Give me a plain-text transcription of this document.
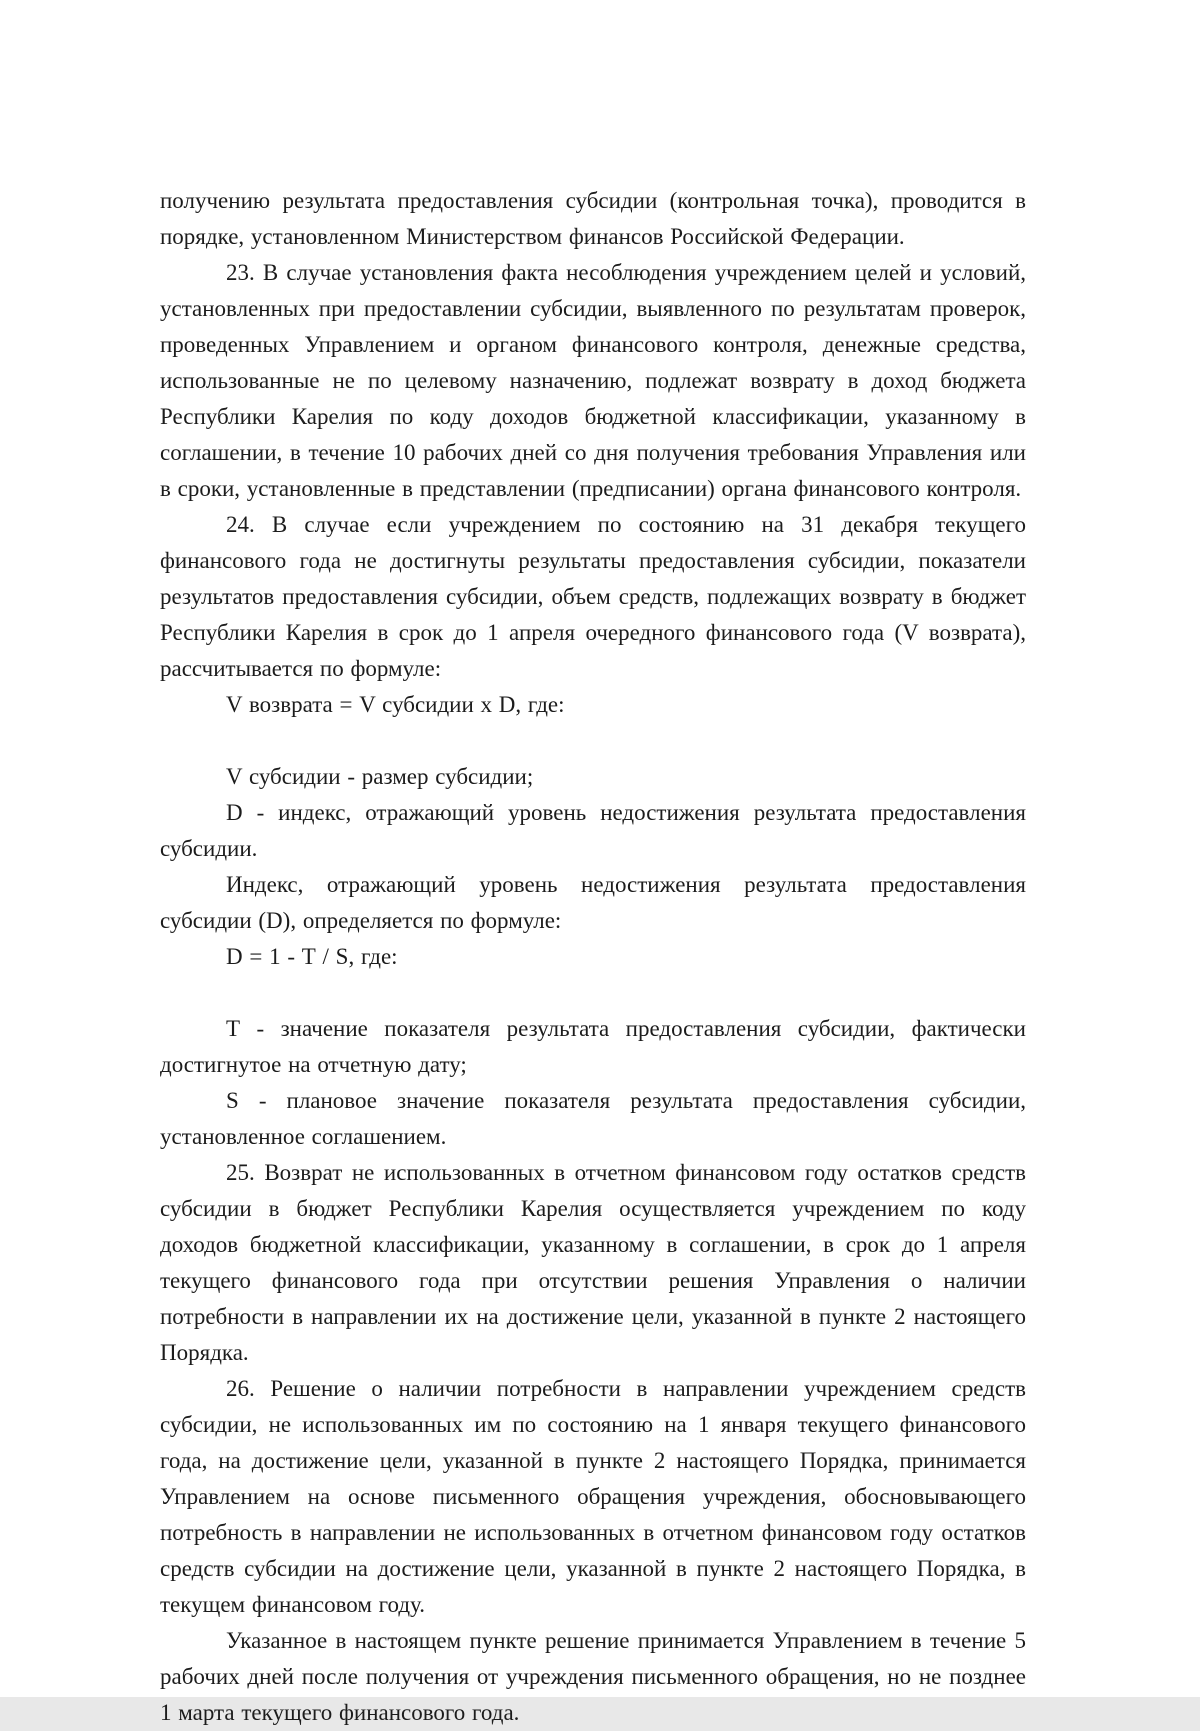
получению результата предоставления субсидии (контрольная точка), проводится в порядке, установленном Министерством финансов Российской Федерации.

23. В случае установления факта несоблюдения учреждением целей и условий, установленных при предоставлении субсидии, выявленного по результатам проверок, проведенных Управлением и органом финансового контроля, денежные средства, использованные не по целевому назначению, подлежат возврату в доход бюджета Республики Карелия по коду доходов бюджетной классификации, указанному в соглашении, в течение 10 рабочих дней со дня получения требования Управления или в сроки, установленные в представлении (предписании) органа финансового контроля.

24. В случае если учреждением по состоянию на 31 декабря текущего финансового года не достигнуты результаты предоставления субсидии, показатели результатов предоставления субсидии, объем средств, подлежащих возврату в бюджет Республики Карелия в срок до 1 апреля очередного финансового года (V возврата), рассчитывается по формуле:

V возврата = V субсидии х D, где:

V субсидии - размер субсидии;

D - индекс, отражающий уровень недостижения результата предоставления субсидии.

Индекс, отражающий уровень недостижения результата предоставления субсидии (D), определяется по формуле:

D = 1 - Т / S, где:

Т - значение показателя результата предоставления субсидии, фактически достигнутое на отчетную дату;

S - плановое значение показателя результата предоставления субсидии, установленное соглашением.

25. Возврат не использованных в отчетном финансовом году остатков средств субсидии в бюджет Республики Карелия осуществляется учреждением по коду доходов бюджетной классификации, указанному в соглашении, в срок до 1 апреля текущего финансового года при отсутствии решения Управления о наличии потребности в направлении их на достижение цели, указанной в пункте 2 настоящего Порядка.

26. Решение о наличии потребности в направлении учреждением средств субсидии, не использованных им по состоянию на 1 января текущего финансового года, на достижение цели, указанной в пункте 2 настоящего Порядка, принимается Управлением на основе письменного обращения учреждения, обосновывающего потребность в направлении не использованных в отчетном финансовом году остатков средств субсидии на достижение цели, указанной в пункте 2 настоящего Порядка, в текущем финансовом году.

Указанное в настоящем пункте решение принимается Управлением в течение 5 рабочих дней после получения от учреждения письменного обращения, но не позднее 1 марта текущего финансового года.
